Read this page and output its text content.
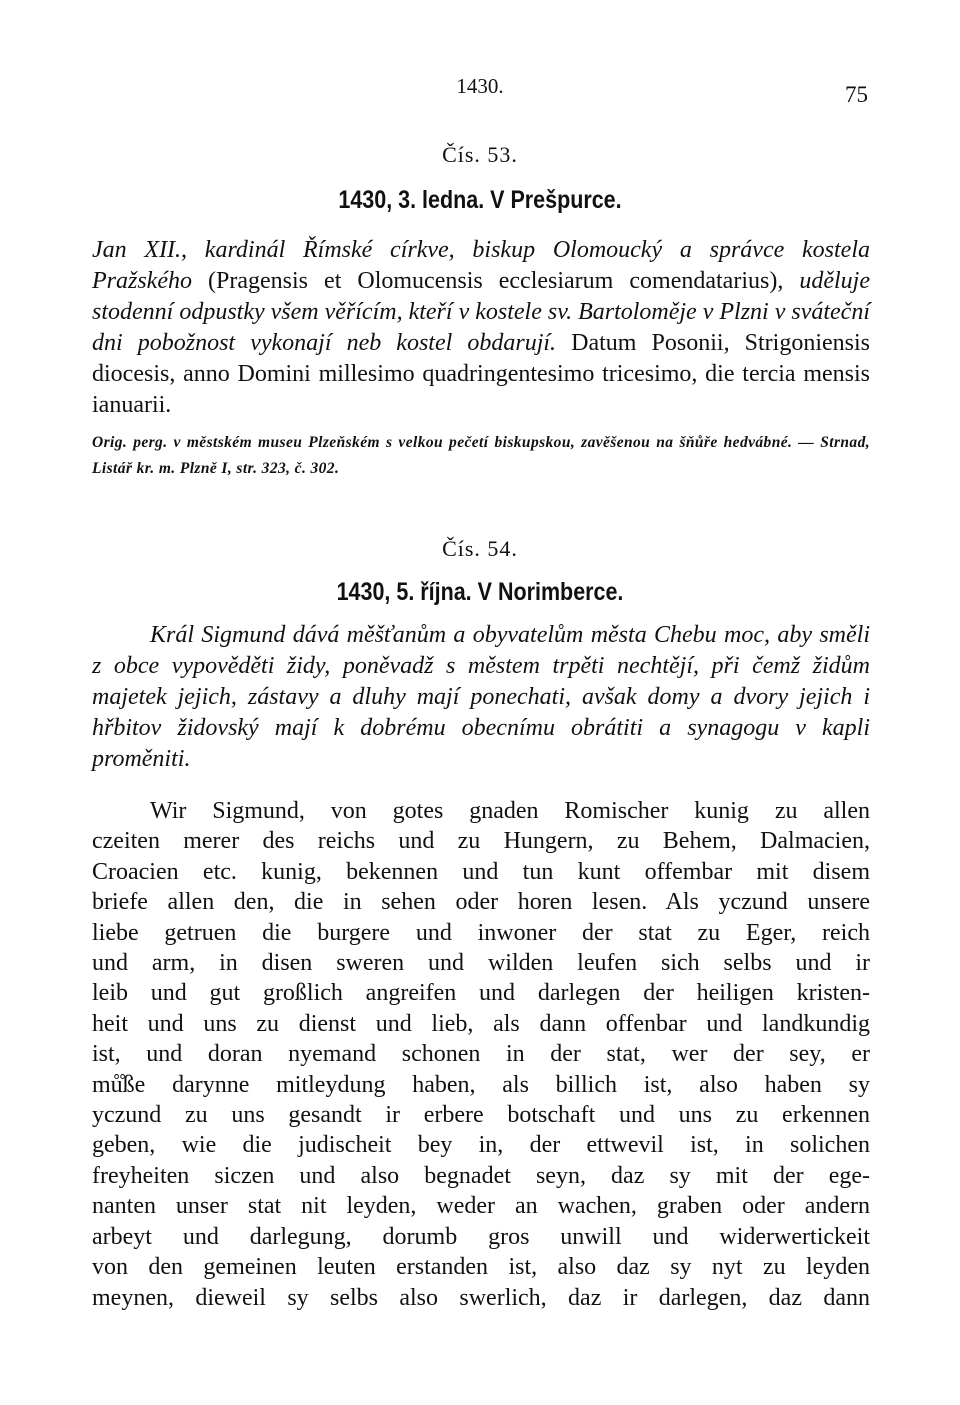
1430.	75
Čís. 53.
1430, 3. ledna. V Prešpurce.

Jan XII., kardinál Římské církve, biskup Olomoucký a správce kostela Pražského (Pragensis et Olomucensis ecclesiarum comendatarius), uděluje stodenní odpustky všem věřícím, kteří v kostele sv. Bartoloměje v Plzni v sváteční dni pobožnost vykonají neb kostel obdarují. Datum Posonii, Strigoniensis diocesis, anno Domini millesimo quadringentesimo tricesimo, die tercia mensis ianuarii.

Orig. perg. v městském museu Plzeňském s velkou pečetí biskupskou, zavěšenou na šňůře hedvábné. — Strnad, Listář kr. m. Plzně I, str. 323, č. 302.

Čís. 54.
1430, 5. října. V Norimberce.

Král Sigmund dává měšťanům a obyvatelům města Chebu moc, aby směli z obce vypověděti židy, poněvadž s městem trpěti nechtějí, při čemž židům majetek jejich, zástavy a dluhy mají ponechati, avšak domy a dvory jejich i hřbitov židovský mají k dobrému obecnímu obrátiti a synagogu v kapli proměniti.

Wir Sigmund, von gotes gnaden Romischer kunig zu allen
czeiten merer des reichs und zu Hungern, zu Behem, Dalmacien,
Croacien etc. kunig, bekennen und tun kunt offembar mit disem
briefe allen den, die in sehen oder horen lesen. Als yczund unsere
liebe getruen die burgere und inwoner der stat zu Eger, reich
und arm, in disen sweren und wilden leufen sich selbs und ir
leib und gut großlich angreifen und darlegen der heiligen kristen-
heit und uns zu dienst und lieb, als dann offenbar und landkundig
ist, und doran nyemand schonen in der stat, wer der sey, er
mů̊ße darynne mitleydung haben, als billich ist, also haben sy
yczund zu uns gesandt ir erbere botschaft und uns zu erkennen
geben, wie die judischeit bey in, der ettwevil ist, in solichen
freyheiten siczen und also begnadet seyn, daz sy mit der ege-
nanten unser stat nit leyden, weder an wachen, graben oder andern
arbeyt und darlegung, dorumb gros unwill und widerwertickeit
von den gemeinen leuten erstanden ist, also daz sy nyt zu leyden
meynen, dieweil sy selbs also swerlich, daz ir darlegen, daz dann
